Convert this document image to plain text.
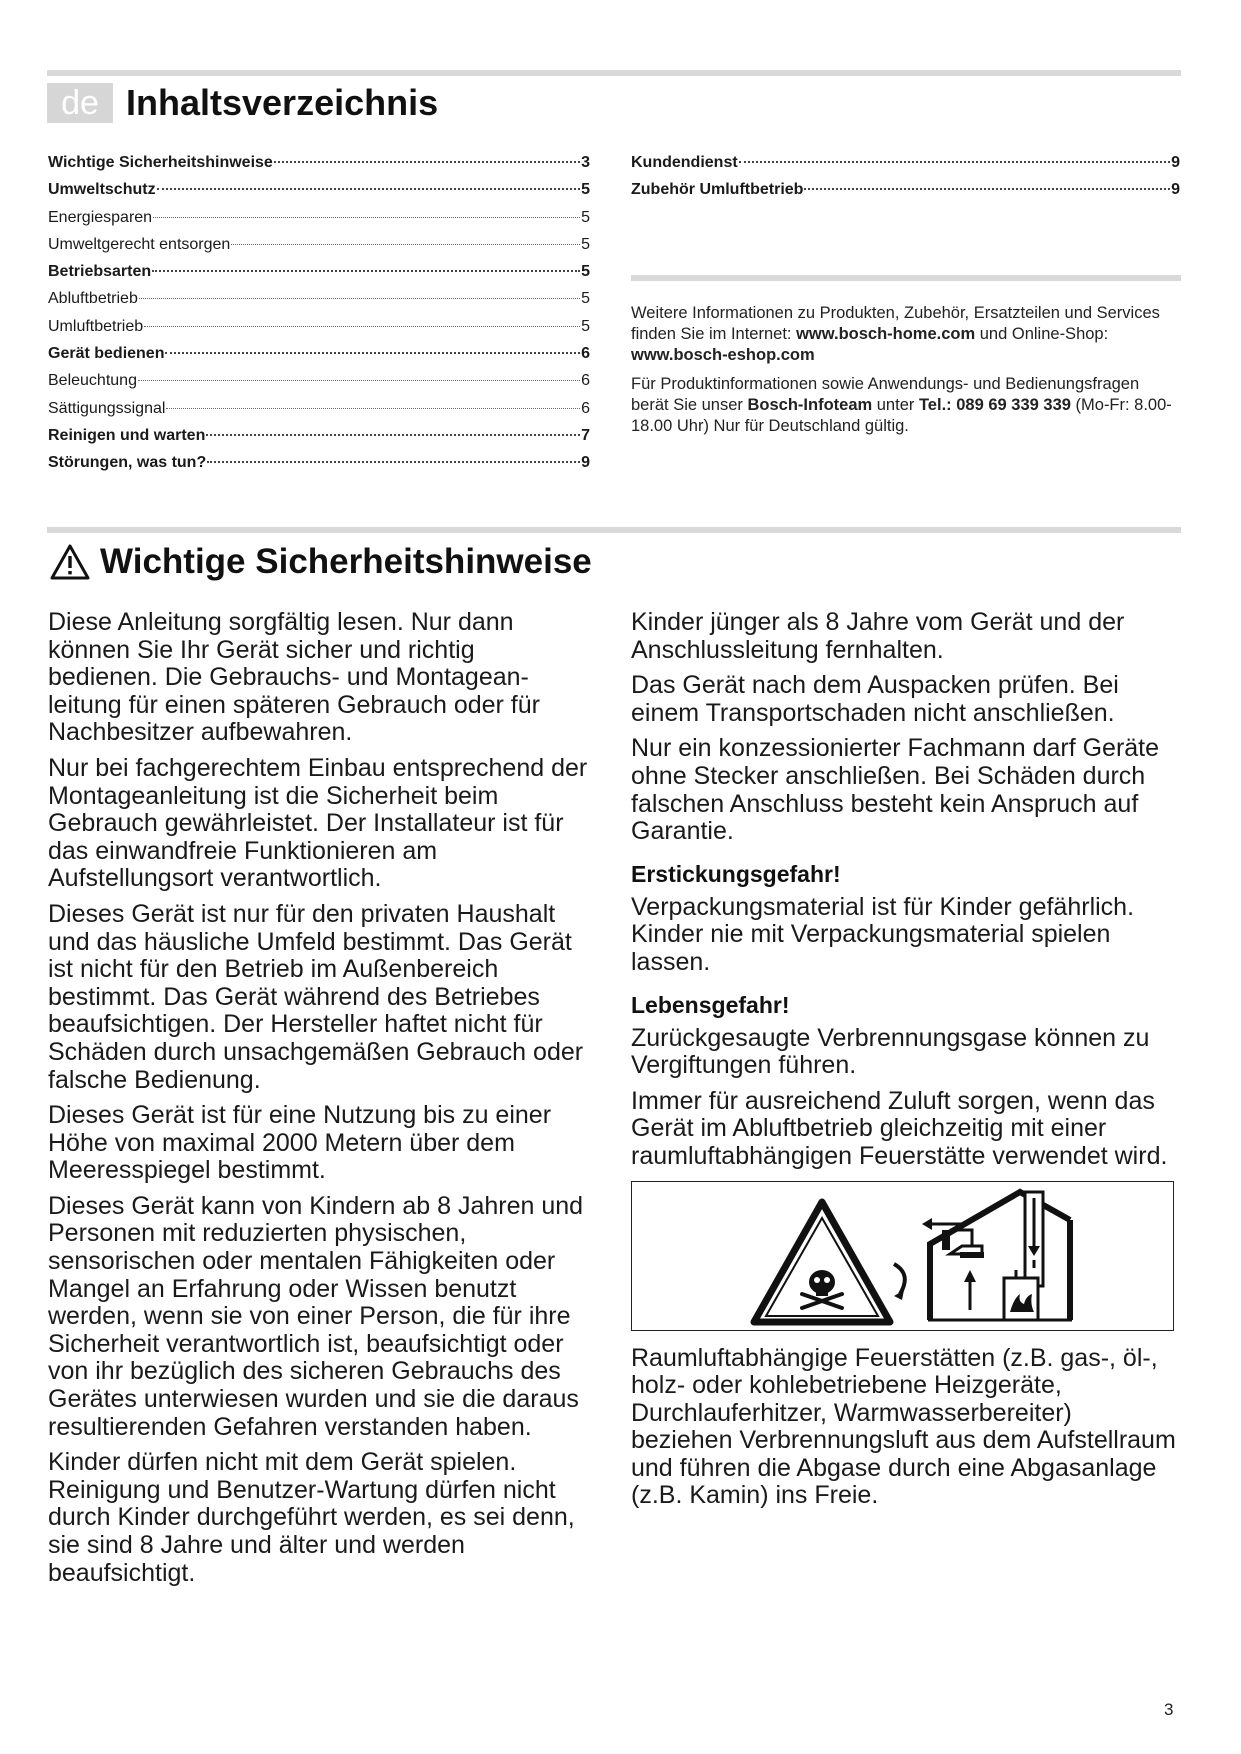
de Inhaltsverzeichnis
Wichtige Sicherheitshinweise	3
Umweltschutz	5
Energiesparen	5
Umweltgerecht entsorgen	5
Betriebsarten	5
Abluftbetrieb	5
Umluftbetrieb	5
Gerät bedienen	6
Beleuchtung	6
Sättigungssignal	6
Reinigen und warten	7
Störungen, was tun?	9
Kundendienst	9
Zubehör Umluftbetrieb	9

Weitere Informationen zu Produkten, Zubehör, Ersatzteilen und Services finden Sie im Internet: www.bosch-home.com und Online-Shop: www.bosch-eshop.com

Für Produktinformationen sowie Anwendungs- und Bedienungsfragen berät Sie unser Bosch-Infoteam unter Tel.: 089 69 339 339 (Mo-Fr: 8.00-18.00 Uhr) Nur für Deutschland gültig.

Wichtige Sicherheitshinweise

Diese Anleitung sorgfältig lesen. Nur dann können Sie Ihr Gerät sicher und richtig bedienen. Die Gebrauchs- und Montageanleitung für einen späteren Gebrauch oder für Nachbesitzer aufbewahren.

Nur bei fachgerechtem Einbau entsprechend der Montageanleitung ist die Sicherheit beim Gebrauch gewährleistet. Der Installateur ist für das einwandfreie Funktionieren am Aufstellungsort verantwortlich.

Dieses Gerät ist nur für den privaten Haushalt und das häusliche Umfeld bestimmt. Das Gerät ist nicht für den Betrieb im Außenbereich bestimmt. Das Gerät während des Betriebes beaufsichtigen. Der Hersteller haftet nicht für Schäden durch unsachgemäßen Gebrauch oder falsche Bedienung.

Dieses Gerät ist für eine Nutzung bis zu einer Höhe von maximal 2000 Metern über dem Meeresspiegel bestimmt.

Dieses Gerät kann von Kindern ab 8 Jahren und Personen mit reduzierten physischen, sensorischen oder mentalen Fähigkeiten oder Mangel an Erfahrung oder Wissen benutzt werden, wenn sie von einer Person, die für ihre Sicherheit verantwortlich ist, beaufsichtigt oder von ihr bezüglich des sicheren Gebrauchs des Gerätes unterwiesen wurden und sie die daraus resultierenden Gefahren verstanden haben.

Kinder dürfen nicht mit dem Gerät spielen. Reinigung und Benutzer-Wartung dürfen nicht durch Kinder durchgeführt werden, es sei denn, sie sind 8 Jahre und älter und werden beaufsichtigt.

Kinder jünger als 8 Jahre vom Gerät und der Anschlussleitung fernhalten.

Das Gerät nach dem Auspacken prüfen. Bei einem Transportschaden nicht anschließen.

Nur ein konzessionierter Fachmann darf Geräte ohne Stecker anschließen. Bei Schäden durch falschen Anschluss besteht kein Anspruch auf Garantie.

Erstickungsgefahr!

Verpackungsmaterial ist für Kinder gefährlich. Kinder nie mit Verpackungsmaterial spielen lassen.

Lebensgefahr!

Zurückgesaugte Verbrennungsgase können zu Vergiftungen führen.

Immer für ausreichend Zuluft sorgen, wenn das Gerät im Abluftbetrieb gleichzeitig mit einer raumluftabhängigen Feuerstätte verwendet wird.

Raumluftabhängige Feuerstätten (z.B. gas-, öl-, holz- oder kohlebetriebene Heizgeräte, Durchlauferhitzer, Warmwasserbereiter) beziehen Verbrennungsluft aus dem Aufstellraum und führen die Abgase durch eine Abgasanlage (z.B. Kamin) ins Freie.

3
